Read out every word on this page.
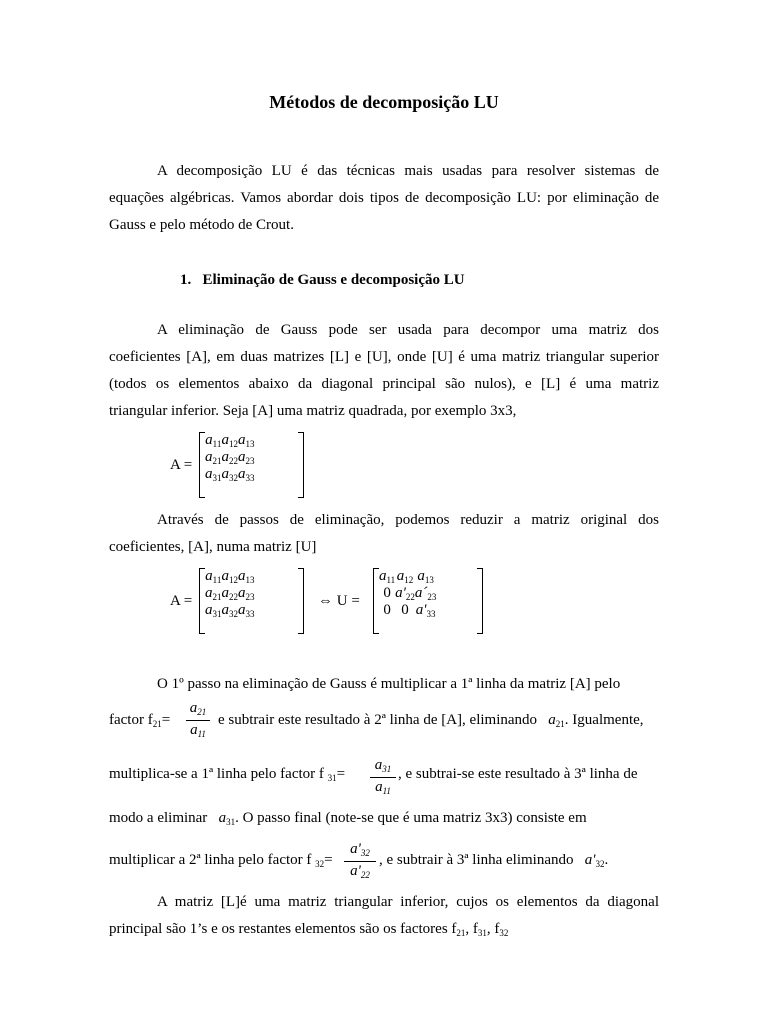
Métodos de decomposição LU
A decomposição LU é das técnicas mais usadas para resolver sistemas de
equações algébricas. Vamos abordar dois tipos de decomposição LU: por eliminação de
Gauss e pelo método de Crout.
1.   Eliminação de Gauss e decomposição LU
A eliminação de Gauss pode ser usada para decompor uma matriz dos
coeficientes [A], em duas matrizes [L] e [U], onde [U] é uma matriz triangular superior
(todos os elementos abaixo da diagonal principal são nulos), e [L] é uma matriz
triangular inferior. Seja [A] uma matriz quadrada, por exemplo 3x3,
A =
$a_{11}$	$a_{12}$	$a_{13}$
$a_{21}$	$a_{22}$	$a_{23}$
$a_{31}$	$a_{32}$	$a_{33}$
Através de passos de eliminação, podemos reduzir a matriz original dos
coeficientes, [A], numa matriz [U]
A =
$a_{11}$	$a_{12}$	$a_{13}$
$a_{21}$	$a_{22}$	$a_{23}$
$a_{31}$	$a_{32}$	$a_{33}$
⇔ U =
$a_{11}$	$a_{12}$	$a_{13}$
0	$a'_{22}$	$a´_{23}$
0	0	$a'_{33}$
O 1º passo na eliminação de Gauss é multiplicar a 1ª linha da matriz [A] pelo
factor $f_{21}=$
$a_{21}$
$a_{11}$
e subtrair este resultado à 2ª linha de [A], eliminando $a_{21}$. Igualmente,
multiplica-se a 1ª linha pelo factor f $_{31}$=
$a_{31}$
$a_{11}$
, e subtrai-se este resultado à 3ª linha de
modo a eliminar $a_{31}$. O passo final (note-se que é uma matriz 3x3) consiste em
multiplicar a 2ª linha pelo factor f $_{32}$=
$a'_{32}$
$a'_{22}$
, e subtrair à 3ª linha eliminando $a'_{32}$.
A matriz [L]é uma matriz triangular inferior, cujos os elementos da diagonal
principal são 1’s e os restantes elementos são os factores $f_{21}$, $f_{31}$, $f_{32}$
